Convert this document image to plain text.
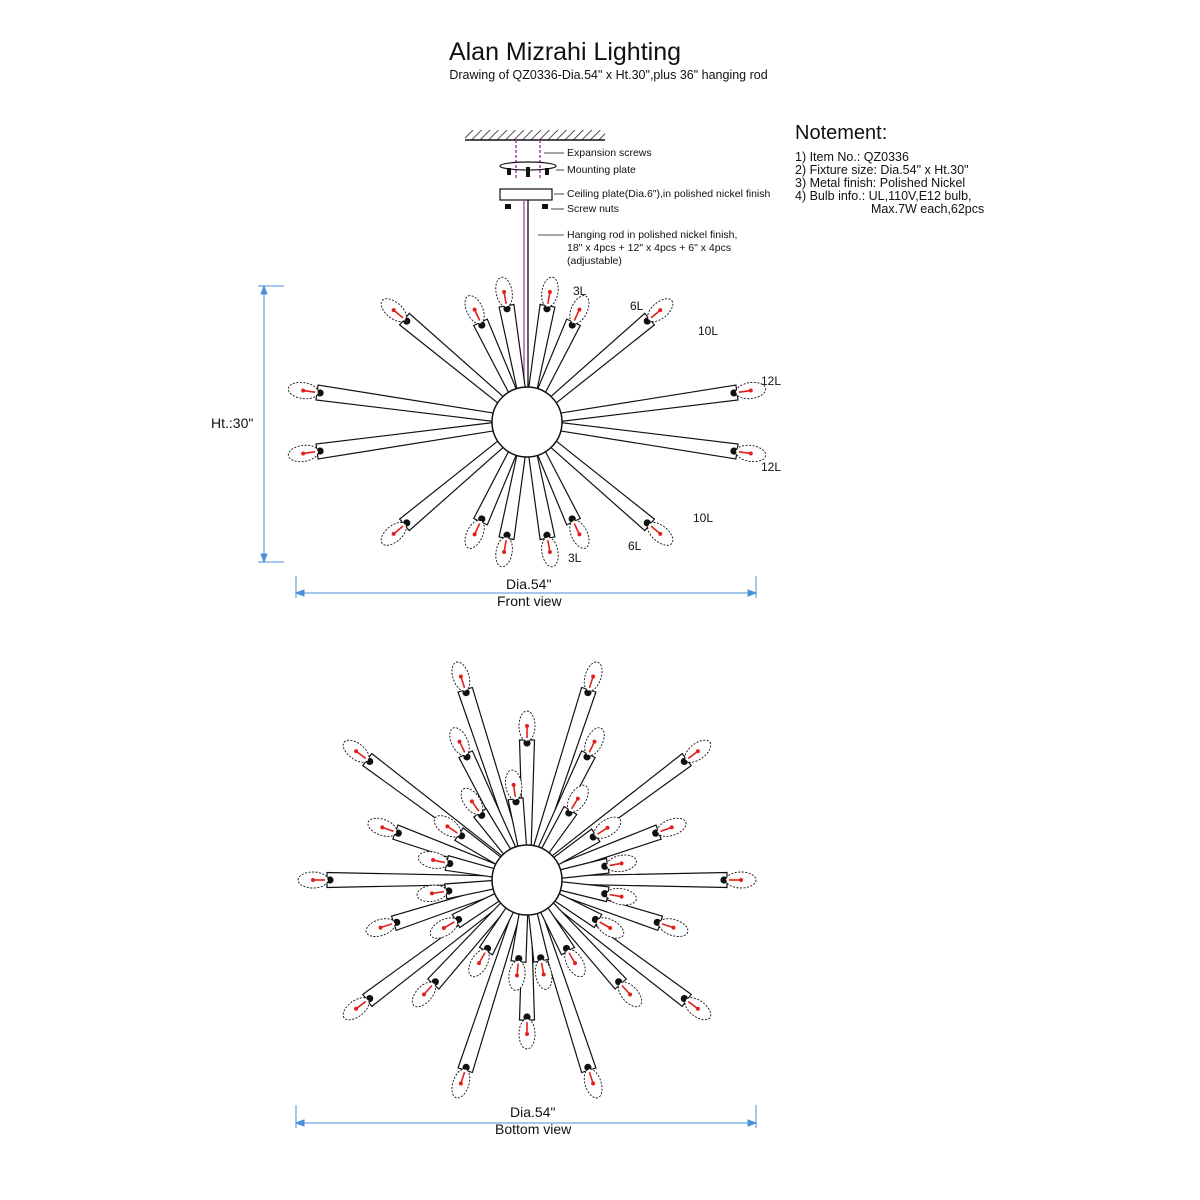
Alan Mizrahi Lighting
Drawing of QZ0336-Dia.54" x Ht.30",plus 36" hanging rod
Notement:
1) Item No.: QZ0336
2) Fixture size: Dia.54" x Ht.30"
3) Metal finish: Polished Nickel
4) Bulb info.: UL,110V,E12 bulb,
Max.7W each,62pcs
Expansion screws
Mounting plate
Ceiling plate(Dia.6"),in polished nickel finish
Screw nuts
Hanging rod in polished nickel finish,
18" x 4pcs + 12" x 4pcs + 6" x 4pcs
(adjustable)
Ht.:30"
3L
6L
10L
12L
12L
10L
6L
3L
Dia.54"
Front view
Dia.54"
Bottom view
